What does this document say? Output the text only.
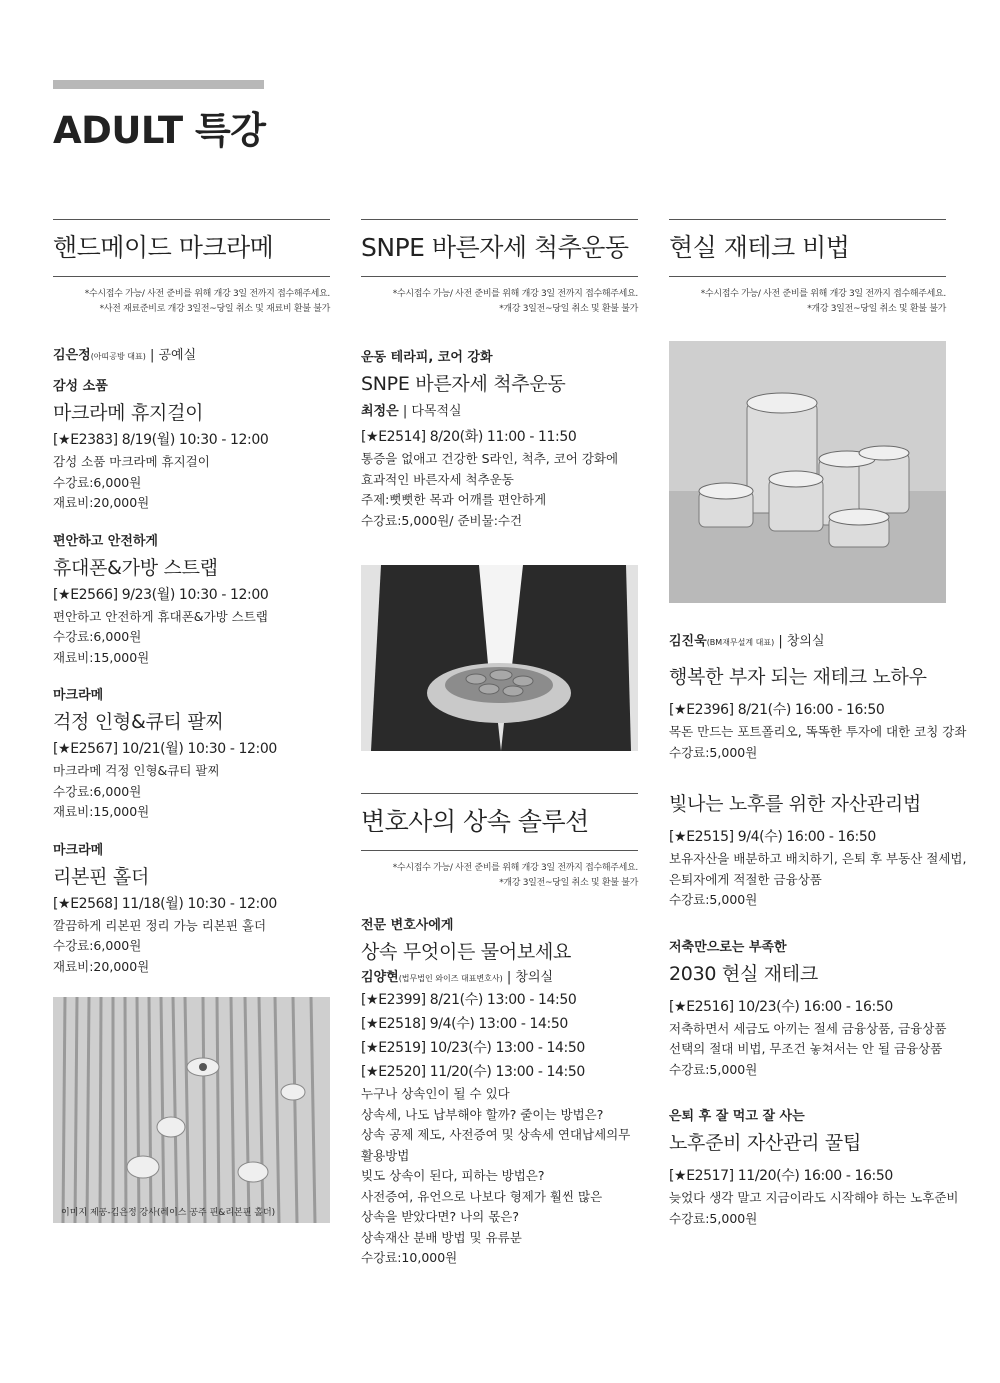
ADULT 특강
핸드메이드 마크라메
*수시접수 가능/ 사전 준비를 위해 개강 3일 전까지 접수해주세요.
*사전 재료준비로 개강 3일전~당일 취소 및 재료비 환불 불가
김은정(아띠공방 대표) | 공예실
감성 소품
마크라메 휴지걸이
[★E2383] 8/19(월) 10:30 - 12:00
감성 소품 마크라메 휴지걸이
수강료:6,000원
재료비:20,000원
편안하고 안전하게
휴대폰&가방 스트랩
[★E2566] 9/23(월) 10:30 - 12:00
편안하고 안전하게 휴대폰&가방 스트랩
수강료:6,000원
재료비:15,000원
마크라메
걱정 인형&큐티 팔찌
[★E2567] 10/21(월) 10:30 - 12:00
마크라메 걱정 인형&큐티 팔찌
수강료:6,000원
재료비:15,000원
마크라메
리본핀 홀더
[★E2568] 11/18(월) 10:30 - 12:00
깔끔하게 리본핀 정리 가능 리본핀 홀더
수강료:6,000원
재료비:20,000원
이미지 제공-김은정 강사(레이스 공주 핀&리본핀 홀더)
SNPE 바른자세 척추운동
*수시접수 가능/ 사전 준비를 위해 개강 3일 전까지 접수해주세요.
*개강 3일전~당일 취소 및 환불 불가
운동 테라피, 코어 강화
SNPE 바른자세 척추운동
최정은 | 다목적실
[★E2514] 8/20(화) 11:00 - 11:50
통증을 없애고 건강한 S라인, 척추, 코어 강화에
효과적인 바른자세 척추운동
주제:뻣뻣한 목과 어깨를 편안하게
수강료:5,000원/ 준비물:수건
변호사의 상속 솔루션
*수시접수 가능/ 사전 준비를 위해 개강 3일 전까지 접수해주세요.
*개강 3일전~당일 취소 및 환불 불가
전문 변호사에게
상속 무엇이든 물어보세요
김양현(법무법인 와이즈 대표변호사) | 창의실
[★E2399] 8/21(수) 13:00 - 14:50
[★E2518] 9/4(수) 13:00 - 14:50
[★E2519] 10/23(수) 13:00 - 14:50
[★E2520] 11/20(수) 13:00 - 14:50
누구나 상속인이 될 수 있다
상속세, 나도 납부해야 할까? 줄이는 방법은?
상속 공제 제도, 사전증여 및 상속세 연대납세의무
활용방법
빚도 상속이 된다, 피하는 방법은?
사전증여, 유언으로 나보다 형제가 훨씬 많은
상속을 받았다면? 나의 몫은?
상속재산 분배 방법 및 유류분
수강료:10,000원
현실 재테크 비법
*수시접수 가능/ 사전 준비를 위해 개강 3일 전까지 접수해주세요.
*개강 3일전~당일 취소 및 환불 불가
김진욱(BM재무설계 대표) | 창의실
행복한 부자 되는 재테크 노하우
[★E2396] 8/21(수) 16:00 - 16:50
목돈 만드는 포트폴리오, 똑똑한 투자에 대한 코칭 강좌
수강료:5,000원
빛나는 노후를 위한 자산관리법
[★E2515] 9/4(수) 16:00 - 16:50
보유자산을 배분하고 배치하기, 은퇴 후 부동산 절세법,
은퇴자에게 적절한 금융상품
수강료:5,000원
저축만으로는 부족한
2030 현실 재테크
[★E2516] 10/23(수) 16:00 - 16:50
저축하면서 세금도 아끼는 절세 금융상품, 금융상품
선택의 절대 비법, 무조건 놓쳐서는 안 될 금융상품
수강료:5,000원
은퇴 후 잘 먹고 잘 사는
노후준비 자산관리 꿀팁
[★E2517] 11/20(수) 16:00 - 16:50
늦었다 생각 말고 지금이라도 시작해야 하는 노후준비
수강료:5,000원
